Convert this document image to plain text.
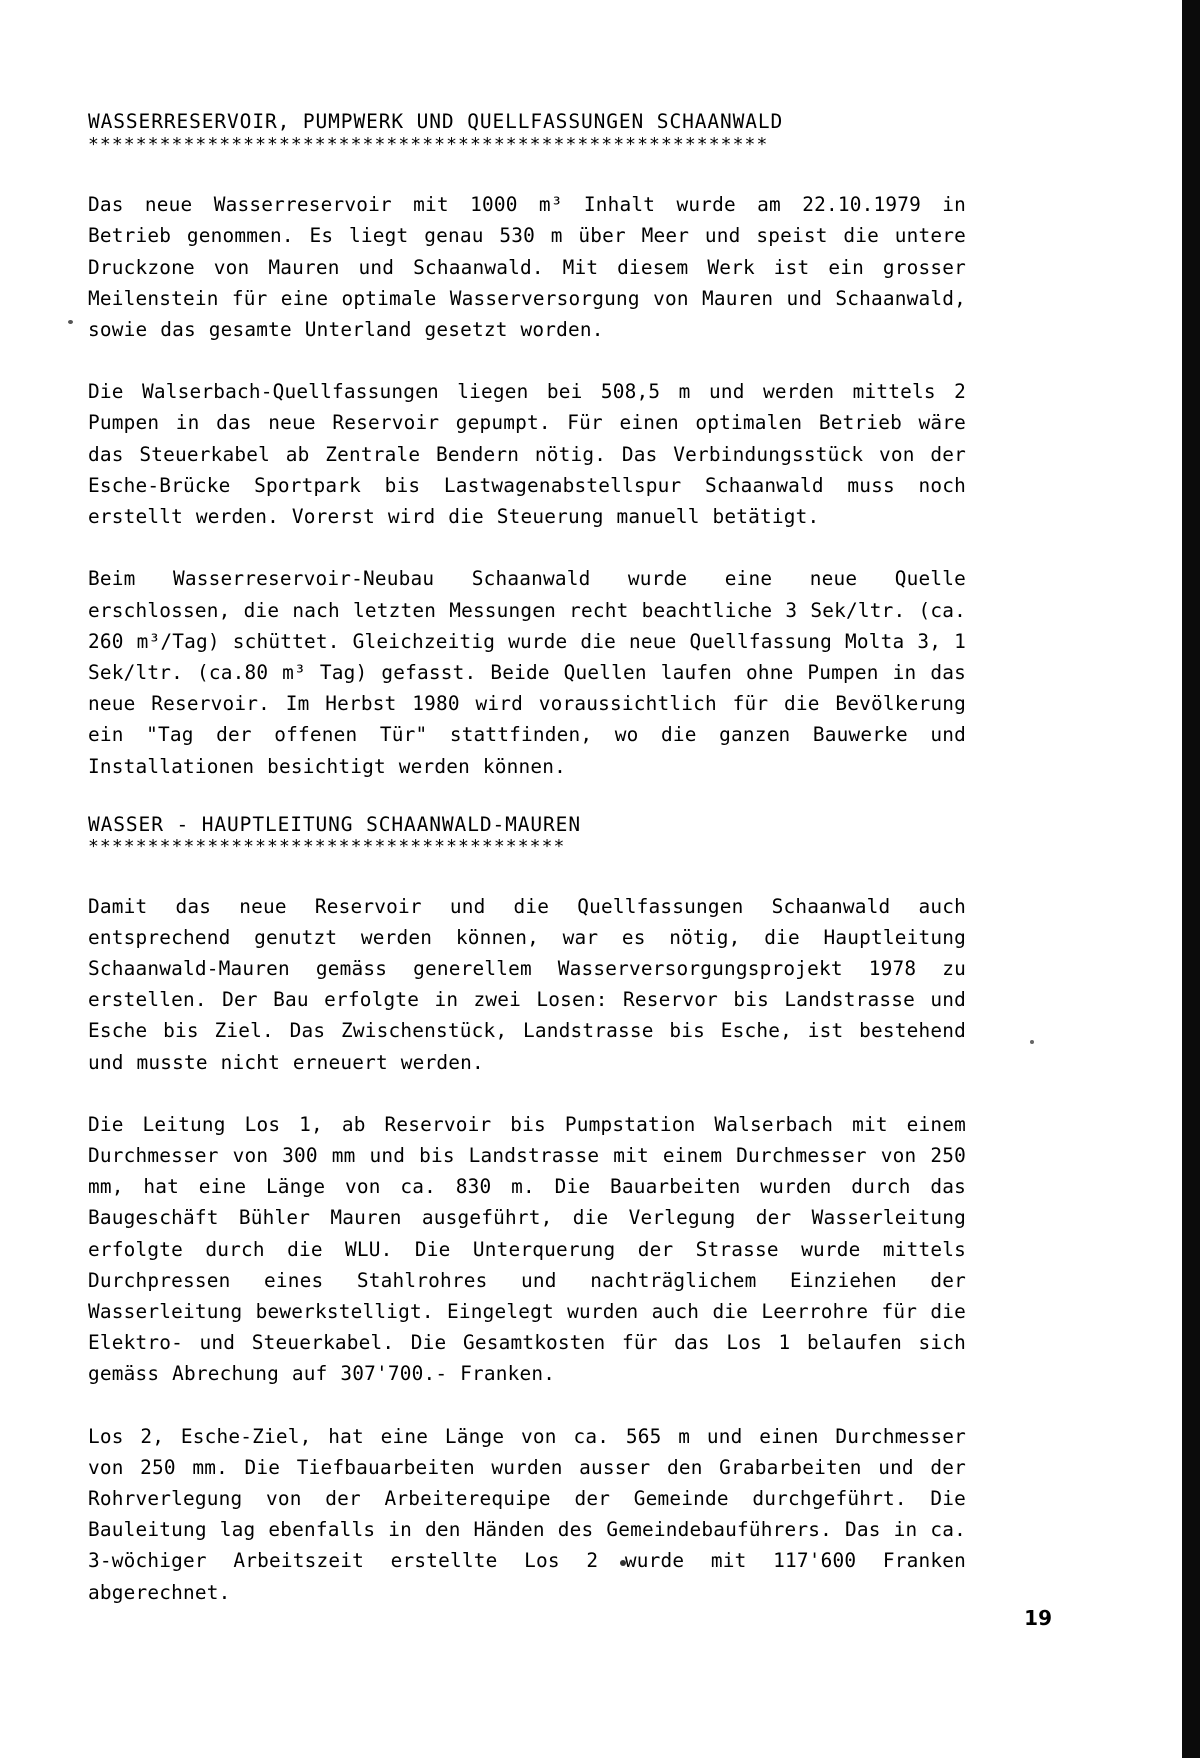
WASSERRESERVOIR, PUMPWERK UND QUELLFASSUNGEN SCHAANWALD
*********************************************************

Das neue Wasserreservoir mit 1000 m³ Inhalt wurde am 22.10.1979 in Betrieb genommen. Es liegt genau 530 m über Meer und speist die untere Druckzone von Mauren und Schaanwald. Mit diesem Werk ist ein grosser Meilenstein für eine optimale Wasserversorgung von Mauren und Schaanwald, sowie das gesamte Unterland gesetzt worden.

Die Walserbach-Quellfassungen liegen bei 508,5 m und werden mittels 2 Pumpen in das neue Reservoir gepumpt. Für einen optimalen Betrieb wäre das Steuerkabel ab Zentrale Bendern nötig. Das Verbindungsstück von der Esche-Brücke Sportpark bis Lastwagenabstellspur Schaanwald muss noch erstellt werden. Vorerst wird die Steuerung manuell betätigt.

Beim Wasserreservoir-Neubau Schaanwald wurde eine neue Quelle erschlossen, die nach letzten Messungen recht beachtliche 3 Sek/ltr. (ca. 260 m³/Tag) schüttet. Gleichzeitig wurde die neue Quellfassung Molta 3, 1 Sek/ltr. (ca.80 m³ Tag) gefasst. Beide Quellen laufen ohne Pumpen in das neue Reservoir. Im Herbst 1980 wird voraussichtlich für die Bevölkerung ein "Tag der offenen Tür" stattfinden, wo die ganzen Bauwerke und Installationen besichtigt werden können.

WASSER - HAUPTLEITUNG SCHAANWALD-MAUREN
****************************************

Damit das neue Reservoir und die Quellfassungen Schaanwald auch entsprechend genutzt werden können, war es nötig, die Hauptleitung Schaanwald-Mauren gemäss generellem Wasserversorgungsprojekt 1978 zu erstellen. Der Bau erfolgte in zwei Losen: Reservor bis Landstrasse und Esche bis Ziel. Das Zwischenstück, Landstrasse bis Esche, ist bestehend und musste nicht erneuert werden.

Die Leitung Los 1, ab Reservoir bis Pumpstation Walserbach mit einem Durchmesser von 300 mm und bis Landstrasse mit einem Durchmesser von 250 mm, hat eine Länge von ca. 830 m. Die Bauarbeiten wurden durch das Baugeschäft Bühler Mauren ausgeführt, die Verlegung der Wasserleitung erfolgte durch die WLU. Die Unterquerung der Strasse wurde mittels Durchpressen eines Stahlrohres und nachträglichem Einziehen der Wasserleitung bewerkstelligt. Eingelegt wurden auch die Leerrohre für die Elektro- und Steuerkabel. Die Gesamtkosten für das Los 1 belaufen sich gemäss Abrechung auf 307'700.- Franken.

Los 2, Esche-Ziel, hat eine Länge von ca. 565 m und einen Durchmesser von 250 mm. Die Tiefbauarbeiten wurden ausser den Grabarbeiten und der Rohrverlegung von der Arbeiterequipe der Gemeinde durchgeführt. Die Bauleitung lag ebenfalls in den Händen des Gemeindebauführers. Das in ca. 3-wöchiger Arbeitszeit erstellte Los 2 wurde mit 117'600 Franken abgerechnet.

19
